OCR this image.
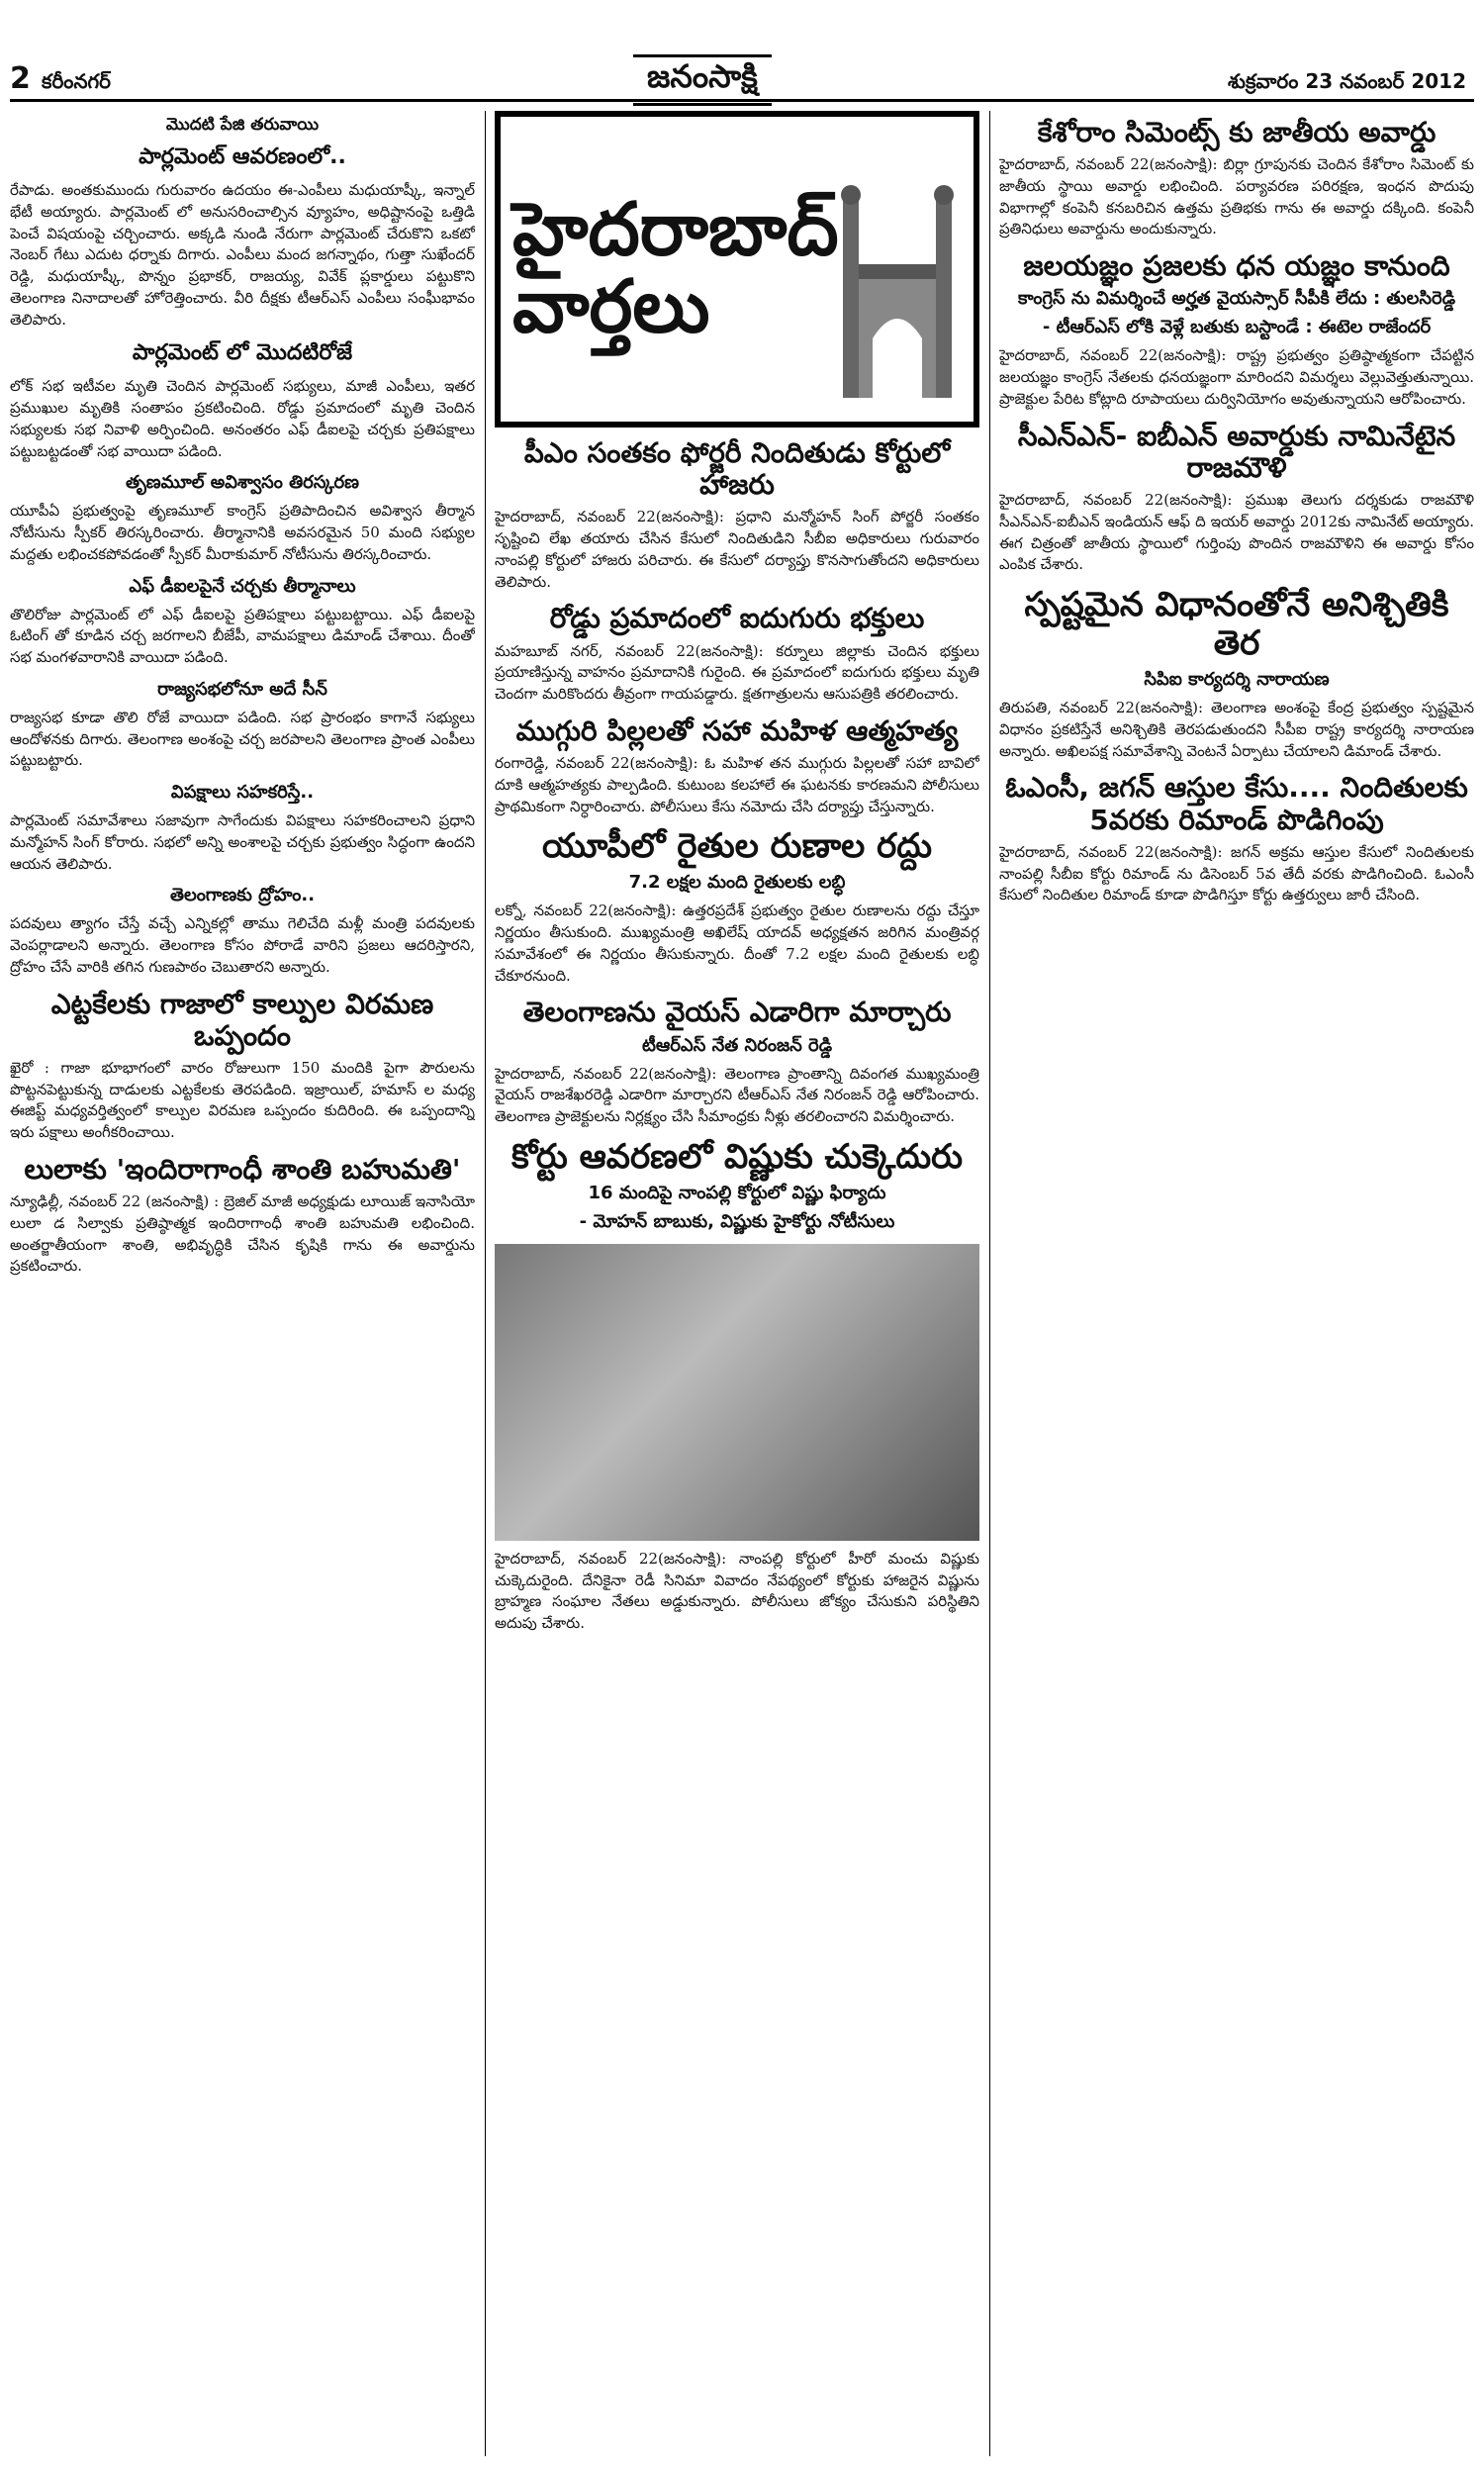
2 కరీంనగర్	జనంసాక్షి	శుక్రవారం 23 నవంబర్ 2012
మొదటి పేజి తరువాయి
పార్లమెంట్ ఆవరణంలో..
రేపాడు. అంతకుముందు గురువారం ఉదయం ఈ-ఎంపీలు మధుయాష్కీ, ఇన్నాల్ భేటీ అయ్యారు. పార్లమెంట్ లో అనుసరించాల్సిన వ్యూహం, అధిష్టానంపై ఒత్తిడి పెంచే విషయంపై చర్చించారు. అక్కడి నుండి నేరుగా పార్లమెంట్ చేరుకొని ఒకటో నెంబర్ గేటు ఎదుట ధర్నాకు దిగారు. ఎంపీలు మంద జగన్నాథం, గుత్తా సుఖేందర్ రెడ్డి, మధుయాష్కీ, పొన్నం ప్రభాకర్, రాజయ్య, వివేక్ ప్లకార్డులు పట్టుకొని తెలంగాణ నినాదాలతో హోరెత్తించారు. వీరి దీక్షకు టీఆర్ఎస్ ఎంపీలు సంఘీభావం తెలిపారు.
పార్లమెంట్ లో మొదటిరోజే
లోక్ సభ ఇటీవల మృతి చెందిన పార్లమెంట్ సభ్యులు, మాజీ ఎంపీలు, ఇతర ప్రముఖుల మృతికి సంతాపం ప్రకటించింది. రోడ్డు ప్రమాదంలో మృతి చెందిన సభ్యులకు సభ నివాళి అర్పించింది. అనంతరం ఎఫ్ డీఐలపై చర్చకు ప్రతిపక్షాలు పట్టుబట్టడంతో సభ వాయిదా పడింది.
తృణమూల్ అవిశ్వాసం తిరస్కరణ
యూపీఏ ప్రభుత్వంపై తృణమూల్ కాంగ్రెస్ ప్రతిపాదించిన అవిశ్వాస తీర్మాన నోటీసును స్పీకర్ తిరస్కరించారు. తీర్మానానికి అవసరమైన 50 మంది సభ్యుల మద్దతు లభించకపోవడంతో స్పీకర్ మీరాకుమార్ నోటీసును తిరస్కరించారు.
ఎఫ్ డీఐలపైనే చర్చకు తీర్మానాలు
తొలిరోజు పార్లమెంట్ లో ఎఫ్ డీఐలపై ప్రతిపక్షాలు పట్టుబట్టాయి. ఎఫ్ డీఐలపై ఓటింగ్ తో కూడిన చర్చ జరగాలని బీజేపీ, వామపక్షాలు డిమాండ్ చేశాయి. దీంతో సభ మంగళవారానికి వాయిదా పడింది.
రాజ్యసభలోనూ అదే సీన్
రాజ్యసభ కూడా తొలి రోజే వాయిదా పడింది. సభ ప్రారంభం కాగానే సభ్యులు ఆందోళనకు దిగారు. తెలంగాణ అంశంపై చర్చ జరపాలని తెలంగాణ ప్రాంత ఎంపీలు పట్టుబట్టారు.
విపక్షాలు సహకరిస్తే..
పార్లమెంట్ సమావేశాలు సజావుగా సాగేందుకు విపక్షాలు సహకరించాలని ప్రధాని మన్మోహన్ సింగ్ కోరారు. సభలో అన్ని అంశాలపై చర్చకు ప్రభుత్వం సిద్ధంగా ఉందని ఆయన తెలిపారు.
తెలంగాణకు ద్రోహం..
పదవులు త్యాగం చేస్తే వచ్చే ఎన్నికల్లో తాము గెలిచేది మళ్లీ మంత్రి పదవులకు వెంపర్లాడాలని అన్నారు. తెలంగాణ కోసం పోరాడే వారిని ప్రజలు ఆదరిస్తారని, ద్రోహం చేసే వారికి తగిన గుణపాఠం చెబుతారని అన్నారు.
ఎట్టకేలకు గాజాలో కాల్పుల విరమణ ఒప్పందం
ఖైరో : గాజా భూభాగంలో వారం రోజులుగా 150 మందికి పైగా పౌరులను పొట్టనపెట్టుకున్న దాడులకు ఎట్టకేలకు తెరపడింది. ఇజ్రాయిల్, హమాస్ ల మధ్య ఈజిప్ట్ మధ్యవర్తిత్వంలో కాల్పుల విరమణ ఒప్పందం కుదిరింది. ఈ ఒప్పందాన్ని ఇరు పక్షాలు అంగీకరించాయి.
లులాకు 'ఇందిరాగాంధీ శాంతి బహుమతి'
న్యూఢిల్లీ, నవంబర్ 22 (జనంసాక్షి) : బ్రెజిల్ మాజీ అధ్యక్షుడు లూయిజ్ ఇనాసియో లులా డ సిల్వాకు ప్రతిష్ఠాత్మక ఇందిరాగాంధీ శాంతి బహుమతి లభించింది. అంతర్జాతీయంగా శాంతి, అభివృద్ధికి చేసిన కృషికి గాను ఈ అవార్డును ప్రకటించారు.
హైదరాబాద్ వార్తలు
పీఎం సంతకం ఫోర్జరీ నిందితుడు కోర్టులో హాజరు
హైదరాబాద్, నవంబర్ 22(జనంసాక్షి): ప్రధాని మన్మోహన్ సింగ్ పోర్జరీ సంతకం సృష్టించి లేఖ తయారు చేసిన కేసులో నిందితుడిని సీబీఐ అధికారులు గురువారం నాంపల్లి కోర్టులో హాజరు పరిచారు. ఈ కేసులో దర్యాప్తు కొనసాగుతోందని అధికారులు తెలిపారు.
రోడ్డు ప్రమాదంలో ఐదుగురు భక్తులు
మహబూబ్ నగర్, నవంబర్ 22(జనంసాక్షి): కర్నూలు జిల్లాకు చెందిన భక్తులు ప్రయాణిస్తున్న వాహనం ప్రమాదానికి గురైంది. ఈ ప్రమాదంలో ఐదుగురు భక్తులు మృతి చెందగా మరికొందరు తీవ్రంగా గాయపడ్డారు. క్షతగాత్రులను ఆసుపత్రికి తరలించారు.
ముగ్గురి పిల్లలతో సహా మహిళ ఆత్మహత్య
రంగారెడ్డి, నవంబర్ 22(జనంసాక్షి): ఓ మహిళ తన ముగ్గురు పిల్లలతో సహా బావిలో దూకి ఆత్మహత్యకు పాల్పడింది. కుటుంబ కలహాలే ఈ ఘటనకు కారణమని పోలీసులు ప్రాథమికంగా నిర్ధారించారు. పోలీసులు కేసు నమోదు చేసి దర్యాప్తు చేస్తున్నారు.
యూపీలో రైతుల రుణాల రద్దు
7.2 లక్షల మంది రైతులకు లబ్ధి
లక్నో, నవంబర్ 22(జనంసాక్షి): ఉత్తరప్రదేశ్ ప్రభుత్వం రైతుల రుణాలను రద్దు చేస్తూ నిర్ణయం తీసుకుంది. ముఖ్యమంత్రి అఖిలేష్ యాదవ్ అధ్యక్షతన జరిగిన మంత్రివర్గ సమావేశంలో ఈ నిర్ణయం తీసుకున్నారు. దీంతో 7.2 లక్షల మంది రైతులకు లబ్ధి చేకూరనుంది.
తెలంగాణను వైయస్ ఎడారిగా మార్చారు
టీఆర్ఎస్ నేత నిరంజన్ రెడ్డి
హైదరాబాద్, నవంబర్ 22(జనంసాక్షి): తెలంగాణ ప్రాంతాన్ని దివంగత ముఖ్యమంత్రి వైయస్ రాజశేఖరరెడ్డి ఎడారిగా మార్చారని టీఆర్ఎస్ నేత నిరంజన్ రెడ్డి ఆరోపించారు. తెలంగాణ ప్రాజెక్టులను నిర్లక్ష్యం చేసి సీమాంధ్రకు నీళ్లు తరలించారని విమర్శించారు.
కోర్టు ఆవరణలో విష్ణుకు చుక్కెదురు
16 మందిపై నాంపల్లి కోర్టులో విష్ణు ఫిర్యాదు
- మోహన్ బాబుకు, విష్ణుకు హైకోర్టు నోటీసులు
హైదరాబాద్, నవంబర్ 22(జనంసాక్షి): నాంపల్లి కోర్టులో హీరో మంచు విష్ణుకు చుక్కెదురైంది. దేనికైనా రెడీ సినిమా వివాదం నేపథ్యంలో కోర్టుకు హాజరైన విష్ణును బ్రాహ్మణ సంఘాల నేతలు అడ్డుకున్నారు. పోలీసులు జోక్యం చేసుకుని పరిస్థితిని అదుపు చేశారు.
కేశోరాం సిమెంట్స్ కు జాతీయ అవార్డు
హైదరాబాద్, నవంబర్ 22(జనంసాక్షి): బిర్లా గ్రూపునకు చెందిన కేశోరాం సిమెంట్ కు జాతీయ స్థాయి అవార్డు లభించింది. పర్యావరణ పరిరక్షణ, ఇంధన పొదుపు విభాగాల్లో కంపెనీ కనబరిచిన ఉత్తమ ప్రతిభకు గాను ఈ అవార్డు దక్కింది. కంపెనీ ప్రతినిధులు అవార్డును అందుకున్నారు.
జలయజ్ఞం ప్రజలకు ధన యజ్ఞం కానుంది
కాంగ్రెస్ ను విమర్శించే అర్హత వైయస్సార్ సీపీకి లేదు : తులసిరెడ్డి
- టీఆర్ఎస్ లోకి వెళ్లే బతుకు బస్టాండే : ఈటెల రాజేందర్
హైదరాబాద్, నవంబర్ 22(జనంసాక్షి): రాష్ట్ర ప్రభుత్వం ప్రతిష్ఠాత్మకంగా చేపట్టిన జలయజ్ఞం కాంగ్రెస్ నేతలకు ధనయజ్ఞంగా మారిందని విమర్శలు వెల్లువెత్తుతున్నాయి. ప్రాజెక్టుల పేరిట కోట్లాది రూపాయలు దుర్వినియోగం అవుతున్నాయని ఆరోపించారు.
సీఎన్ఎన్- ఐబీఎన్ అవార్డుకు నామినేటైన రాజమౌళి
హైదరాబాద్, నవంబర్ 22(జనంసాక్షి): ప్రముఖ తెలుగు దర్శకుడు రాజమౌళి సీఎన్ఎన్-ఐబీఎన్ ఇండియన్ ఆఫ్ ది ఇయర్ అవార్డు 2012కు నామినేట్ అయ్యారు. ఈగ చిత్రంతో జాతీయ స్థాయిలో గుర్తింపు పొందిన రాజమౌళిని ఈ అవార్డు కోసం ఎంపిక చేశారు.
స్పష్టమైన విధానంతోనే అనిశ్చితికి తెర
సిపిఐ కార్యదర్శి నారాయణ
తిరుపతి, నవంబర్ 22(జనంసాక్షి): తెలంగాణ అంశంపై కేంద్ర ప్రభుత్వం స్పష్టమైన విధానం ప్రకటిస్తేనే అనిశ్చితికి తెరపడుతుందని సీపీఐ రాష్ట్ర కార్యదర్శి నారాయణ అన్నారు. అఖిలపక్ష సమావేశాన్ని వెంటనే ఏర్పాటు చేయాలని డిమాండ్ చేశారు.
ఓఎంసీ, జగన్ ఆస్తుల కేసు.... నిందితులకు 5వరకు రిమాండ్ పొడిగింపు
హైదరాబాద్, నవంబర్ 22(జనంసాక్షి): జగన్ అక్రమ ఆస్తుల కేసులో నిందితులకు నాంపల్లి సీబీఐ కోర్టు రిమాండ్ ను డిసెంబర్ 5వ తేదీ వరకు పొడిగించింది. ఓఎంసీ కేసులో నిందితుల రిమాండ్ కూడా పొడిగిస్తూ కోర్టు ఉత్తర్వులు జారీ చేసింది.
